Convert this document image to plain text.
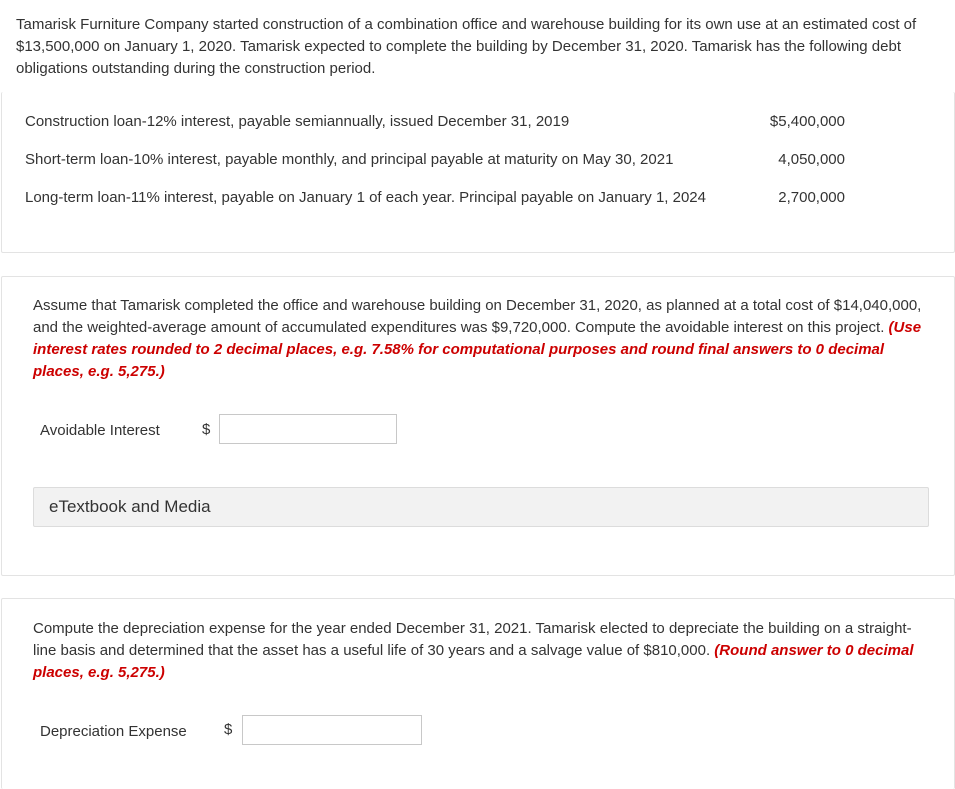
Tamarisk Furniture Company started construction of a combination office and warehouse building for its own use at an estimated cost of $13,500,000 on January 1, 2020. Tamarisk expected to complete the building by December 31, 2020. Tamarisk has the following debt obligations outstanding during the construction period.
Construction loan-12% interest, payable semiannually, issued December 31, 2019	$5,400,000
Short-term loan-10% interest, payable monthly, and principal payable at maturity on May 30, 2021	4,050,000
Long-term loan-11% interest, payable on January 1 of each year. Principal payable on January 1, 2024	2,700,000
Assume that Tamarisk completed the office and warehouse building on December 31, 2020, as planned at a total cost of $14,040,000, and the weighted-average amount of accumulated expenditures was $9,720,000. Compute the avoidable interest on this project. (Use interest rates rounded to 2 decimal places, e.g. 7.58% for computational purposes and round final answers to 0 decimal places, e.g. 5,275.)
Avoidable Interest	$
eTextbook and Media
Compute the depreciation expense for the year ended December 31, 2021. Tamarisk elected to depreciate the building on a straight-line basis and determined that the asset has a useful life of 30 years and a salvage value of $810,000. (Round answer to 0 decimal places, e.g. 5,275.)
Depreciation Expense $
